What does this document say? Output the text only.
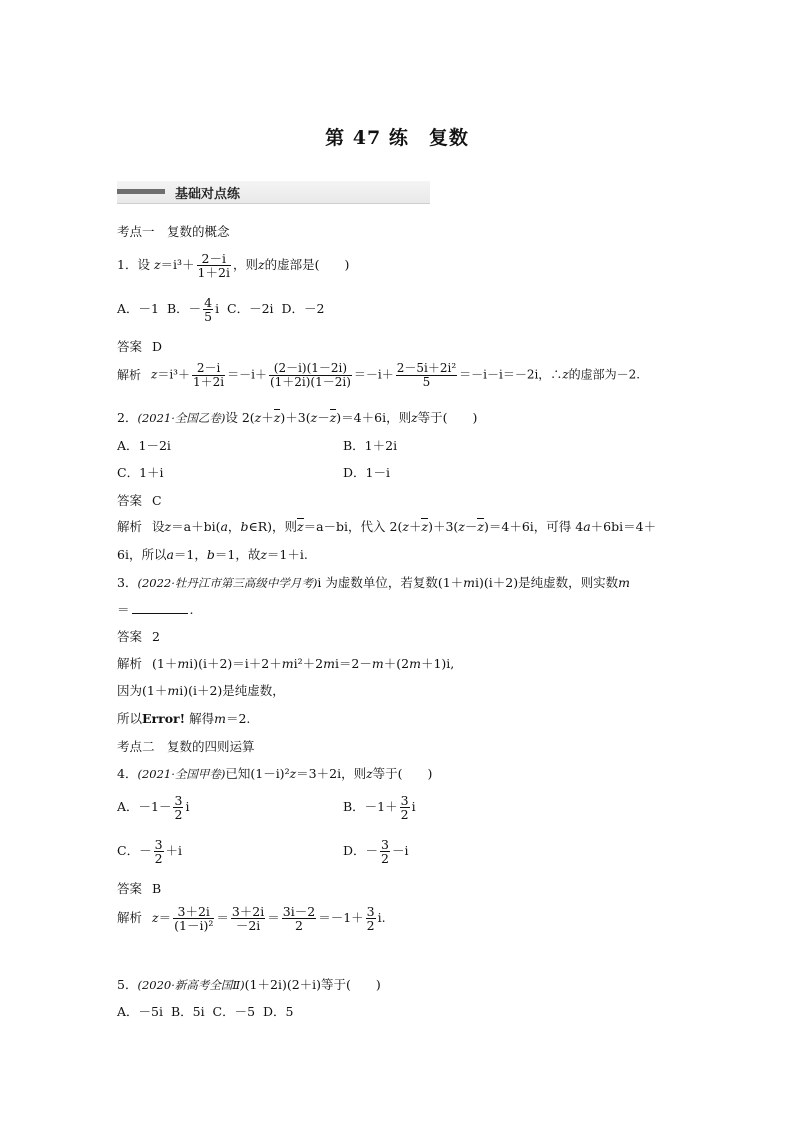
第 47 练　复数
基础对点练
考点一　复数的概念
1．设 $z=i^3+ \frac{2-i}{1+2i}$ ，则z的虚部是(　　)
A．－1 B．－ $\frac{4}{5}$ i C．－2i D．－2
答案 D
解析 $z=i^3+ \frac{2-i}{1+2i} =-i+ \frac{(2-i)(1-2i)}{(1+2i)(1-2i)} =-i+ \frac{\text{2－5i＋2i²}}{5} =-i-i=-2i$，∴z的虚部为－2.
2．(2021·全国乙卷)设 2(z＋z)＋3(z－z)＝4＋6i，则z等于(　　)
A．1－2i	B．1＋2i
C．1＋i	D．1－i
答案 C
解析 设z＝a＋bi(a，b∈R)，则z＝a－bi，代入 2(z＋z)＋3(z－z)＝4＋6i，可得 4a＋6bi＝4＋
6i，所以a＝1，b＝1，故z＝1＋i.
3．(2022·牡丹江市第三高级中学月考)i 为虚数单位，若复数(1＋mi)(i＋2)是纯虚数，则实数m
＝	.
答案 2
解析 (1＋mi)(i＋2)＝i＋2＋mi²＋2mi＝2－m＋(2m＋1)i,
因为(1＋mi)(i＋2)是纯虚数，
所以Error! 解得m＝2.
考点二　复数的四则运算
4．(2021·全国甲卷)已知(1－i)²z＝3＋2i，则z等于(　　)
A．$-1- \frac{3}{2}$ i	B．$-1+ \frac{3}{2}$ i
C．－ $\frac{3}{2} +i$	D．－ $\frac{3}{2} -i$
答案 B
解析 $z= \frac{3+2i}{\text{(1－i)²}} = \frac{3+2i}{-2i} = \frac{3i-2}{2} =-1+ \frac{3}{2} i$.
5．(2020·新高考全国Ⅱ)(1＋2i)(2＋i)等于(　　)
A．－5i B．5i C．－5 D．5
